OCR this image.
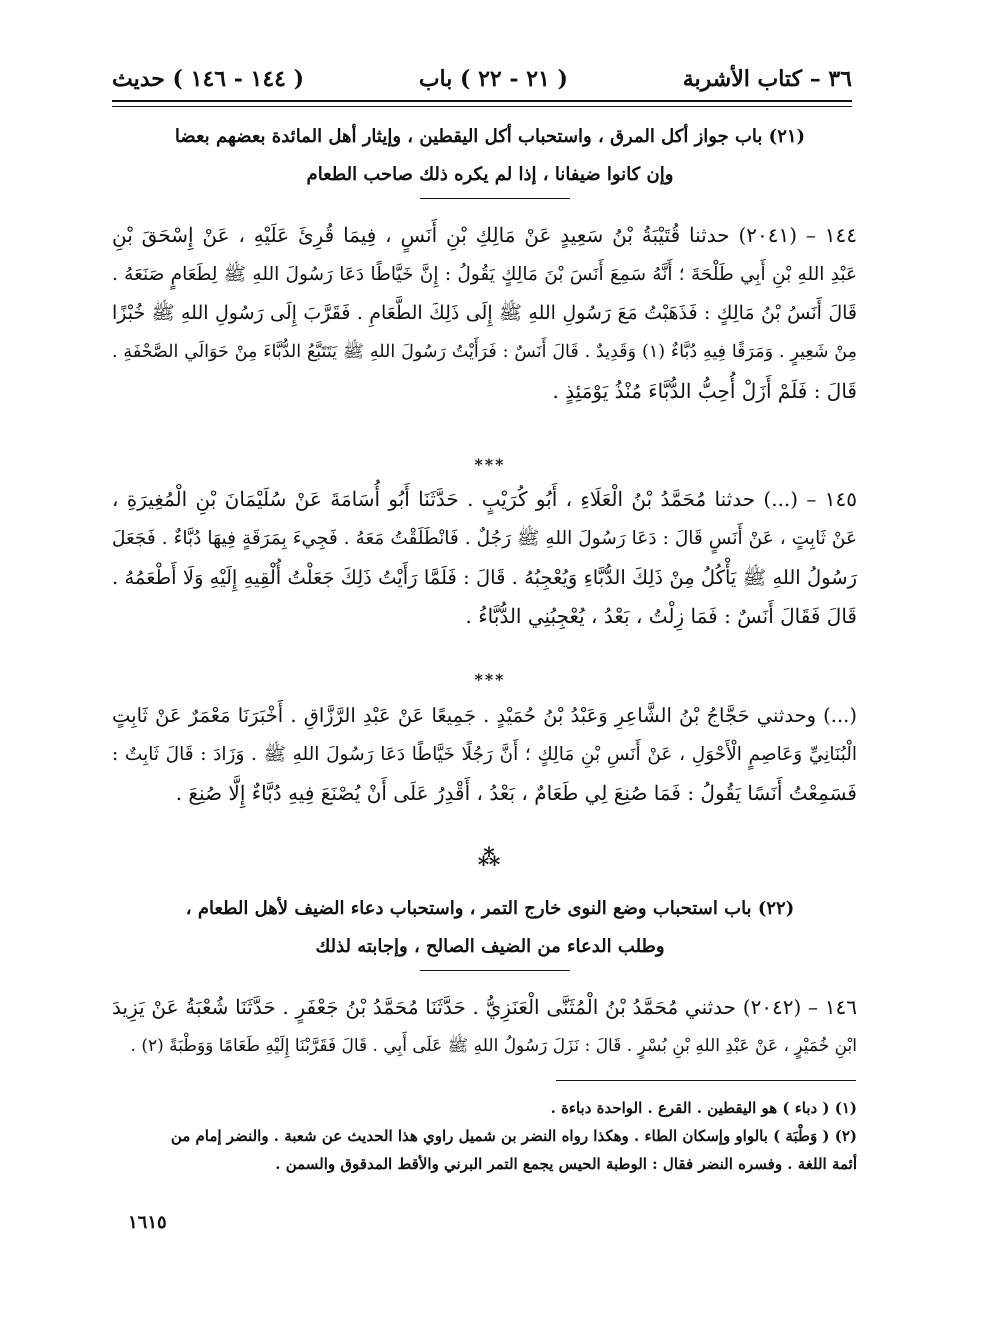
٣٦ – كتاب الأشربة
( ٢١ - ٢٢ ) باب
( ١٤٤ - ١٤٦ ) حديث
(٢١) باب جواز أكل المرق ، واستحباب أكل اليقطين ، وإيثار أهل المائدة بعضهم بعضا
وإن كانوا ضيفانا ، إذا لم يكره ذلك صاحب الطعام
١٤٤ – (٢٠٤١) حدثنا قُتَيْبَةُ بْنُ سَعِيدٍ عَنْ مَالِكِ بْنِ أَنَسٍ ، فِيمَا قُرِئَ عَلَيْهِ ، عَنْ إِسْحَقَ بْنِ
عَبْدِ اللهِ بْنِ أَبِي طَلْحَةَ ؛ أَنَّهُ سَمِعَ أَنَسَ بْنَ مَالِكٍ يَقُولُ : إِنَّ خَيَّاطًا دَعَا رَسُولَ اللهِ ﷺ لِطَعَامٍ صَنَعَهُ .
قَالَ أَنَسُ بْنُ مَالِكٍ : فَذَهَبْتُ مَعَ رَسُولِ اللهِ ﷺ إِلَى ذَلِكَ الطَّعَامِ . فَقَرَّبَ إِلَى رَسُولِ اللهِ ﷺ خُبْزًا
مِنْ شَعِيرٍ . وَمَرَقًا فِيهِ دُبَّاءٌ (١) وَقَدِيدٌ . قَالَ أَنَسٌ : فَرَأَيْتُ رَسُولَ اللهِ ﷺ يَتَتَبَّعُ الدُّبَّاءَ مِنْ حَوَالَي الصَّحْفَةِ .
قَالَ : فَلَمْ أَزَلْ أُحِبُّ الدُّبَّاءَ مُنْذُ يَوْمَئِذٍ .
***
١٤٥ – (...) حدثنا مُحَمَّدُ بْنُ الْعَلَاءِ ، أَبُو كُرَيْبٍ . حَدَّثَنَا أَبُو أُسَامَةَ عَنْ سُلَيْمَانَ بْنِ الْمُغِيرَةِ ،
عَنْ ثَابِتٍ ، عَنْ أَنَسٍ قَالَ : دَعَا رَسُولَ اللهِ ﷺ رَجُلٌ . فَانْطَلَقْتُ مَعَهُ . فَجِيءَ بِمَرَقَةٍ فِيهَا دُبَّاءٌ . فَجَعَلَ
رَسُولُ اللهِ ﷺ يَأْكُلُ مِنْ ذَلِكَ الدُّبَّاءِ وَيُعْجِبُهُ . قَالَ : فَلَمَّا رَأَيْتُ ذَلِكَ جَعَلْتُ أُلْقِيهِ إِلَيْهِ وَلَا أَطْعَمُهُ .
قَالَ فَقَالَ أَنَسٌ : فَمَا زِلْتُ ، بَعْدُ ، يُعْجِبُنِي الدُّبَّاءُ .
***
(...) وحدثني حَجَّاجُ بْنُ الشَّاعِرِ وَعَبْدُ بْنُ حُمَيْدٍ . جَمِيعًا عَنْ عَبْدِ الرَّزَّاقِ . أَخْبَرَنَا مَعْمَرٌ عَنْ ثَابِتٍ
الْبُنَانِيِّ وَعَاصِمٍ الْأَحْوَلِ ، عَنْ أَنَسِ بْنِ مَالِكٍ ؛ أَنَّ رَجُلًا خَيَّاطًا دَعَا رَسُولَ اللهِ ﷺ . وَزَادَ : قَالَ ثَابِتٌ :
فَسَمِعْتُ أَنَسًا يَقُولُ : فَمَا صُنِعَ لِي طَعَامٌ ، بَعْدُ ، أَقْدِرُ عَلَى أَنْ يُصْنَعَ فِيهِ دُبَّاءٌ إِلَّا صُنِعَ .
⁂
(٢٢) باب استحباب وضع النوى خارج التمر ، واستحباب دعاء الضيف لأهل الطعام ،
وطلب الدعاء من الضيف الصالح ، وإجابته لذلك
١٤٦ – (٢٠٤٢) حدثني مُحَمَّدُ بْنُ الْمُثَنَّى الْعَنَزِيُّ . حَدَّثَنَا مُحَمَّدُ بْنُ جَعْفَرٍ . حَدَّثَنَا شُعْبَةُ عَنْ يَزِيدَ
ابْنِ خُمَيْرٍ ، عَنْ عَبْدِ اللهِ بْنِ بُسْرٍ . قَالَ : نَزَلَ رَسُولُ اللهِ ﷺ عَلَى أَبِي . قَالَ فَقَرَّبْنَا إِلَيْهِ طَعَامًا وَوَطْبَةً (٢) .
(١) ( دباء ) هو اليقطين . القرع . الواحدة دباءة .
(٢) ( وَطْبَة ) بالواو وإسكان الطاء . وهكذا رواه النضر بن شميل راوي هذا الحديث عن شعبة . والنضر إمام من
أئمة اللغة . وفسره النضر فقال : الوطبة الحيس يجمع التمر البرني والأقط المدقوق والسمن .
١٦١٥
